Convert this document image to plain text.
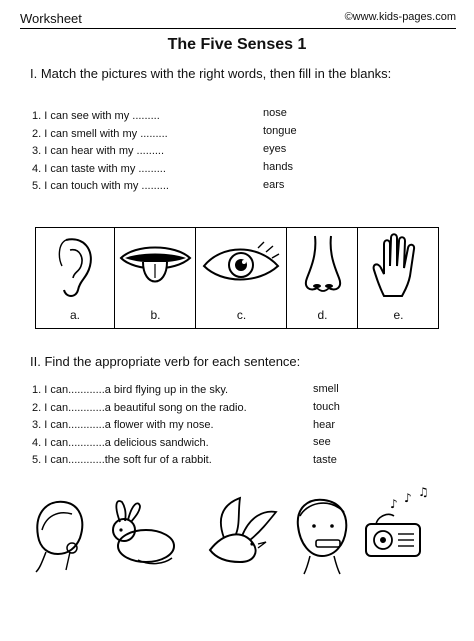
Worksheet	©www.kids-pages.com
The Five Senses 1
I. Match the pictures with the right words, then fill in the blanks:
1. I can see with my .........
2. I can smell with my .........
3. I can hear with my .........
4. I can taste with my .........
5. I can touch with my .........
nose
tongue
eyes
hands
ears
a.	b.	c.	d.	e.
II. Find the appropriate verb for each sentence:
1. I can............a bird flying up in the sky.
2. I can............a beautiful song on the radio.
3. I can............a flower with my nose.
4. I can............a delicious sandwich.
5. I can............the soft fur of a rabbit.
smell
touch
hear
see
taste
♪ ♪ ♫
